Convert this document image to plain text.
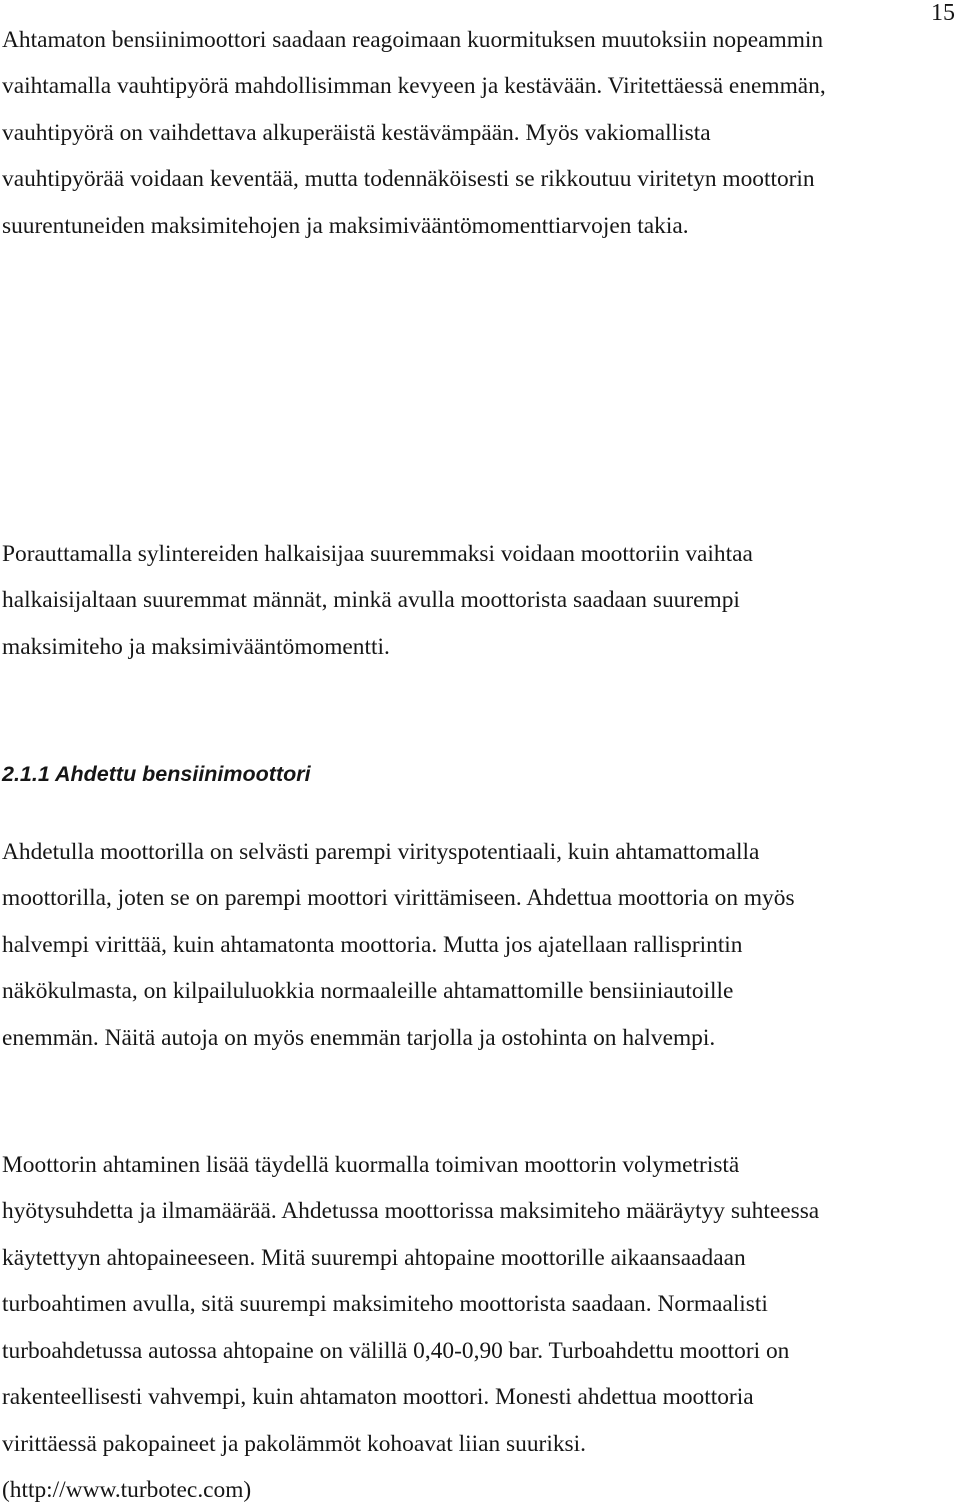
15
Ahtamaton bensiinimoottori saadaan reagoimaan kuormituksen muutoksiin nopeammin
vaihtamalla vauhtipyörä mahdollisimman kevyeen ja kestävään. Viritettäessä enemmän,
vauhtipyörä on vaihdettava alkuperäistä kestävämpään. Myös vakiomallista
vauhtipyörää voidaan keventää, mutta todennäköisesti se rikkoutuu viritetyn moottorin
suurentuneiden maksimitehojen ja maksimivääntömomenttiarvojen takia.
Porauttamalla sylintereiden halkaisijaa suuremmaksi voidaan moottoriin vaihtaa
halkaisijaltaan suuremmat männät, minkä avulla moottorista saadaan suurempi
maksimiteho ja maksimivääntömomentti.
2.1.1 Ahdettu bensiinimoottori
Ahdetulla moottorilla on selvästi parempi virityspotentiaali, kuin ahtamattomalla
moottorilla, joten se on parempi moottori virittämiseen. Ahdettua moottoria on myös
halvempi virittää, kuin ahtamatonta moottoria. Mutta jos ajatellaan rallisprintin
näkökulmasta, on kilpailuluokkia normaaleille ahtamattomille bensiiniautoille
enemmän. Näitä autoja on myös enemmän tarjolla ja ostohinta on halvempi.
Moottorin ahtaminen lisää täydellä kuormalla toimivan moottorin volymetristä
hyötysuhdetta ja ilmamäärää. Ahdetussa moottorissa maksimiteho määräytyy suhteessa
käytettyyn ahtopaineeseen. Mitä suurempi ahtopaine moottorille aikaansaadaan
turboahtimen avulla, sitä suurempi maksimiteho moottorista saadaan. Normaalisti
turboahdetussa autossa ahtopaine on välillä 0,40-0,90 bar. Turboahdettu moottori on
rakenteellisesti vahvempi, kuin ahtamaton moottori. Monesti ahdettua moottoria
virittäessä pakopaineet ja pakolämmöt kohoavat liian suuriksi.
(http://www.turbotec.com)
